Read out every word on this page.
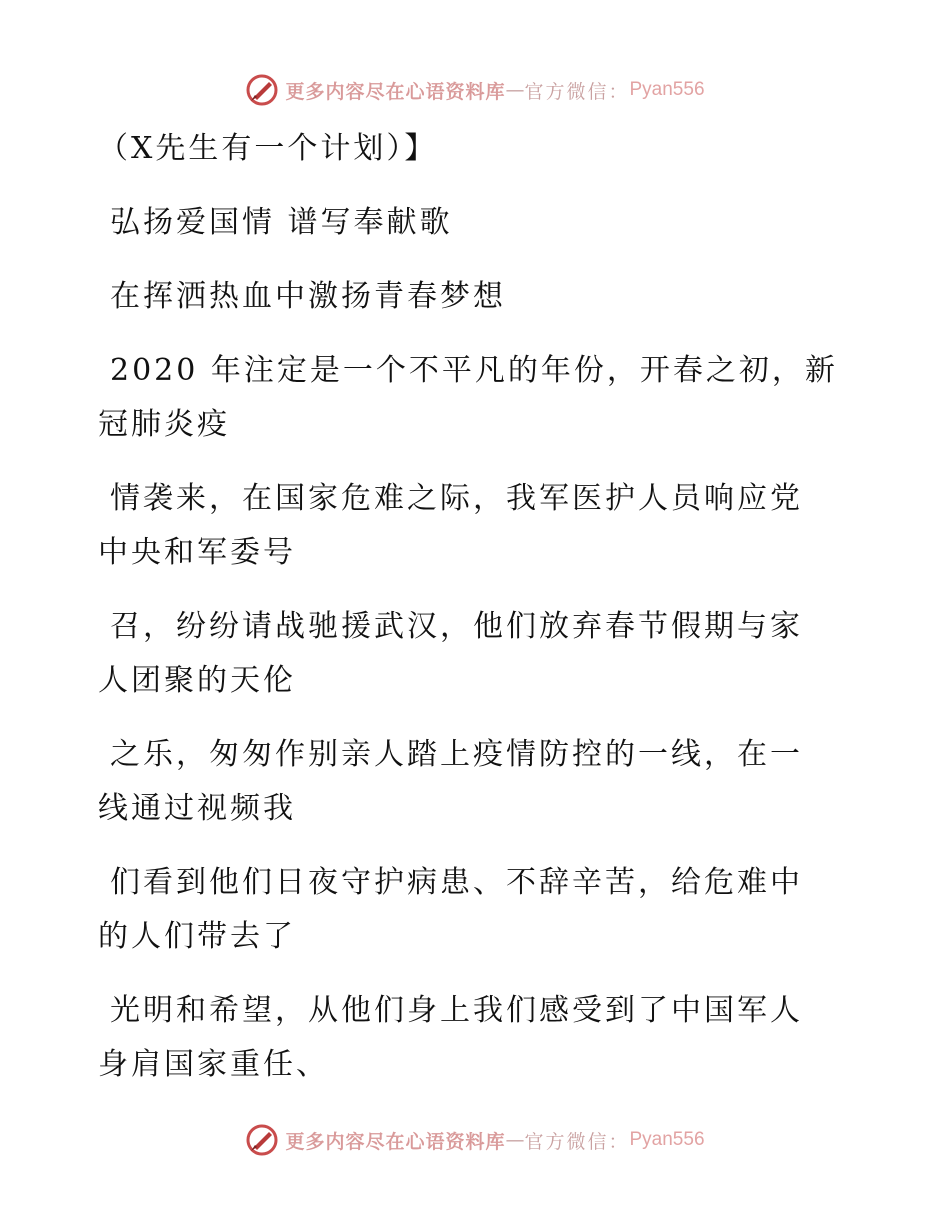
更多内容尽在心语资料库 — 官方微信： Pyan556

（X先生有一个计划）】

弘扬爱国情 谱写奉献歌

在挥洒热血中激扬青春梦想

2020 年注定是一个不平凡的年份，开春之初，新

冠肺炎疫

情袭来，在国家危难之际，我军医护人员响应党

中央和军委号

召，纷纷请战驰援武汉，他们放弃春节假期与家

人团聚的天伦

之乐，匆匆作别亲人踏上疫情防控的一线，在一

线通过视频我

们看到他们日夜守护病患、不辞辛苦，给危难中

的人们带去了

光明和希望，从他们身上我们感受到了中国军人

身肩国家重任、

更多内容尽在心语资料库 — 官方微信： Pyan556
